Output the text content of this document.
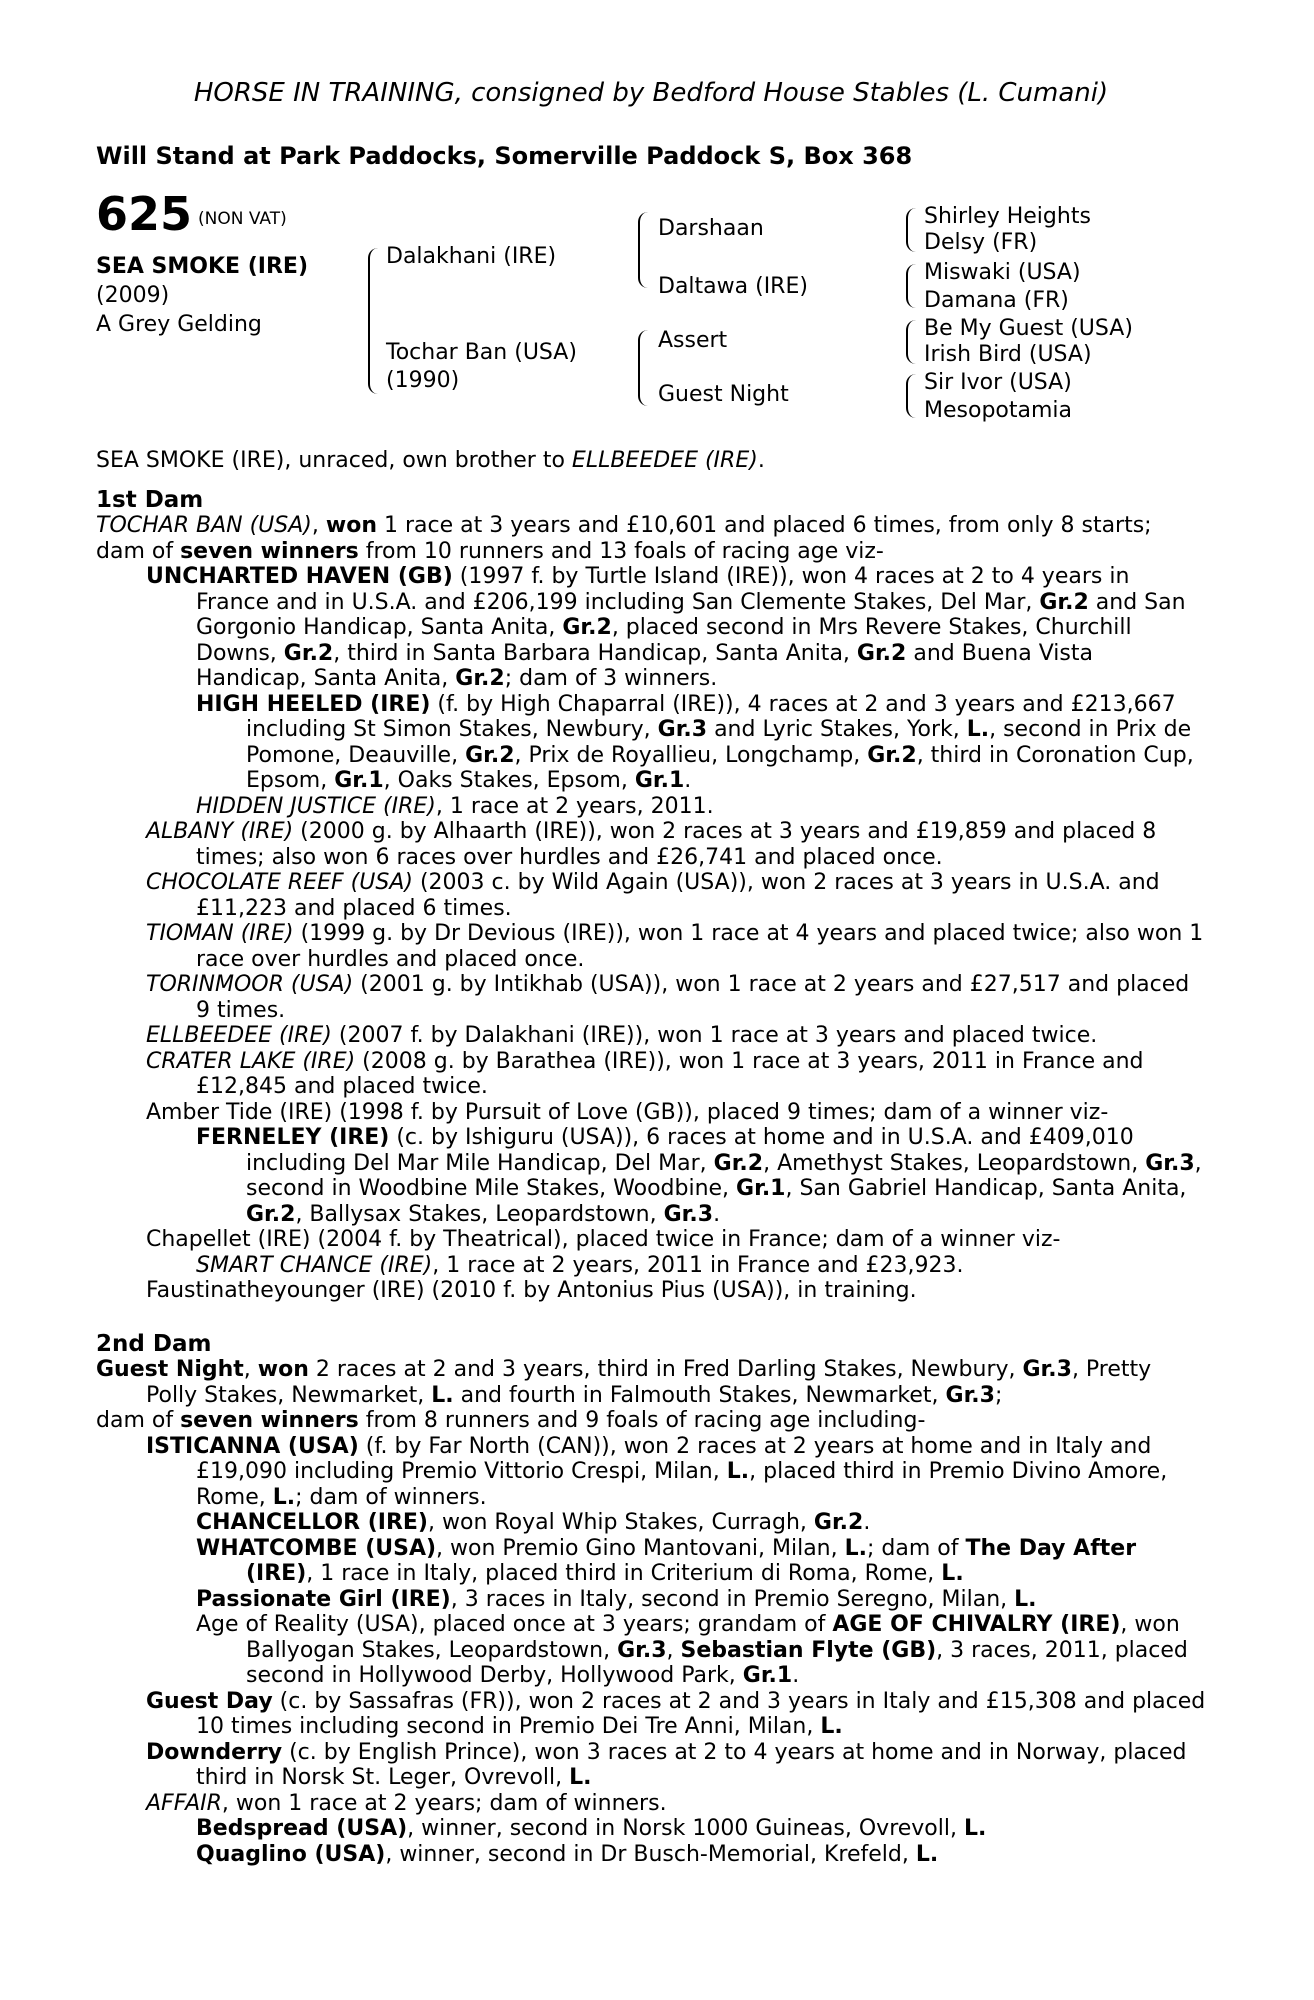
HORSE IN TRAINING, consigned by Bedford House Stables (L. Cumani)
Will Stand at Park Paddocks, Somerville Paddock S, Box 368
625 $^{(NON VAT)}$
SEA SMOKE (IRE)
(2009)
A Grey Gelding
Dalakhani (IRE)
Tochar Ban (USA)
(1990)
Darshaan
Daltawa (IRE)
Assert
Guest Night
Shirley Heights
Delsy (FR)
Miswaki (USA)
Damana (FR)
Be My Guest (USA)
Irish Bird (USA)
Sir Ivor (USA)
Mesopotamia
SEA SMOKE (IRE), unraced, own brother to ELLBEEDEE (IRE).
1st Dam
TOCHAR BAN (USA), won 1 race at 3 years and £10,601 and placed 6 times, from only 8 starts;
dam of seven winners from 10 runners and 13 foals of racing age viz-
UNCHARTED HAVEN (GB) (1997 f. by Turtle Island (IRE)), won 4 races at 2 to 4 years in France and in U.S.A. and £206,199 including San Clemente Stakes, Del Mar, Gr.2 and San Gorgonio Handicap, Santa Anita, Gr.2, placed second in Mrs Revere Stakes, Churchill Downs, Gr.2, third in Santa Barbara Handicap, Santa Anita, Gr.2 and Buena Vista Handicap, Santa Anita, Gr.2; dam of 3 winners.
HIGH HEELED (IRE) (f. by High Chaparral (IRE)), 4 races at 2 and 3 years and £213,667 including St Simon Stakes, Newbury, Gr.3 and Lyric Stakes, York, L., second in Prix de Pomone, Deauville, Gr.2, Prix de Royallieu, Longchamp, Gr.2, third in Coronation Cup, Epsom, Gr.1, Oaks Stakes, Epsom, Gr.1.
HIDDEN JUSTICE (IRE), 1 race at 2 years, 2011.
ALBANY (IRE) (2000 g. by Alhaarth (IRE)), won 2 races at 3 years and £19,859 and placed 8 times; also won 6 races over hurdles and £26,741 and placed once.
CHOCOLATE REEF (USA) (2003 c. by Wild Again (USA)), won 2 races at 3 years in U.S.A. and £11,223 and placed 6 times.
TIOMAN (IRE) (1999 g. by Dr Devious (IRE)), won 1 race at 4 years and placed twice; also won 1 race over hurdles and placed once.
TORINMOOR (USA) (2001 g. by Intikhab (USA)), won 1 race at 2 years and £27,517 and placed 9 times.
ELLBEEDEE (IRE) (2007 f. by Dalakhani (IRE)), won 1 race at 3 years and placed twice.
CRATER LAKE (IRE) (2008 g. by Barathea (IRE)), won 1 race at 3 years, 2011 in France and £12,845 and placed twice.
Amber Tide (IRE) (1998 f. by Pursuit of Love (GB)), placed 9 times; dam of a winner viz-
FERNELEY (IRE) (c. by Ishiguru (USA)), 6 races at home and in U.S.A. and £409,010 including Del Mar Mile Handicap, Del Mar, Gr.2, Amethyst Stakes, Leopardstown, Gr.3, second in Woodbine Mile Stakes, Woodbine, Gr.1, San Gabriel Handicap, Santa Anita, Gr.2, Ballysax Stakes, Leopardstown, Gr.3.
Chapellet (IRE) (2004 f. by Theatrical), placed twice in France; dam of a winner viz-
SMART CHANCE (IRE), 1 race at 2 years, 2011 in France and £23,923.
Faustinatheyounger (IRE) (2010 f. by Antonius Pius (USA)), in training.
2nd Dam
Guest Night, won 2 races at 2 and 3 years, third in Fred Darling Stakes, Newbury, Gr.3, Pretty Polly Stakes, Newmarket, L. and fourth in Falmouth Stakes, Newmarket, Gr.3;
dam of seven winners from 8 runners and 9 foals of racing age including-
ISTICANNA (USA) (f. by Far North (CAN)), won 2 races at 2 years at home and in Italy and £19,090 including Premio Vittorio Crespi, Milan, L., placed third in Premio Divino Amore, Rome, L.; dam of winners.
CHANCELLOR (IRE), won Royal Whip Stakes, Curragh, Gr.2.
WHATCOMBE (USA), won Premio Gino Mantovani, Milan, L.; dam of The Day After (IRE), 1 race in Italy, placed third in Criterium di Roma, Rome, L.
Passionate Girl (IRE), 3 races in Italy, second in Premio Seregno, Milan, L.
Age of Reality (USA), placed once at 3 years; grandam of AGE OF CHIVALRY (IRE), won Ballyogan Stakes, Leopardstown, Gr.3, Sebastian Flyte (GB), 3 races, 2011, placed second in Hollywood Derby, Hollywood Park, Gr.1.
Guest Day (c. by Sassafras (FR)), won 2 races at 2 and 3 years in Italy and £15,308 and placed 10 times including second in Premio Dei Tre Anni, Milan, L.
Downderry (c. by English Prince), won 3 races at 2 to 4 years at home and in Norway, placed third in Norsk St. Leger, Ovrevoll, L.
AFFAIR, won 1 race at 2 years; dam of winners.
Bedspread (USA), winner, second in Norsk 1000 Guineas, Ovrevoll, L.
Quaglino (USA), winner, second in Dr Busch-Memorial, Krefeld, L.
